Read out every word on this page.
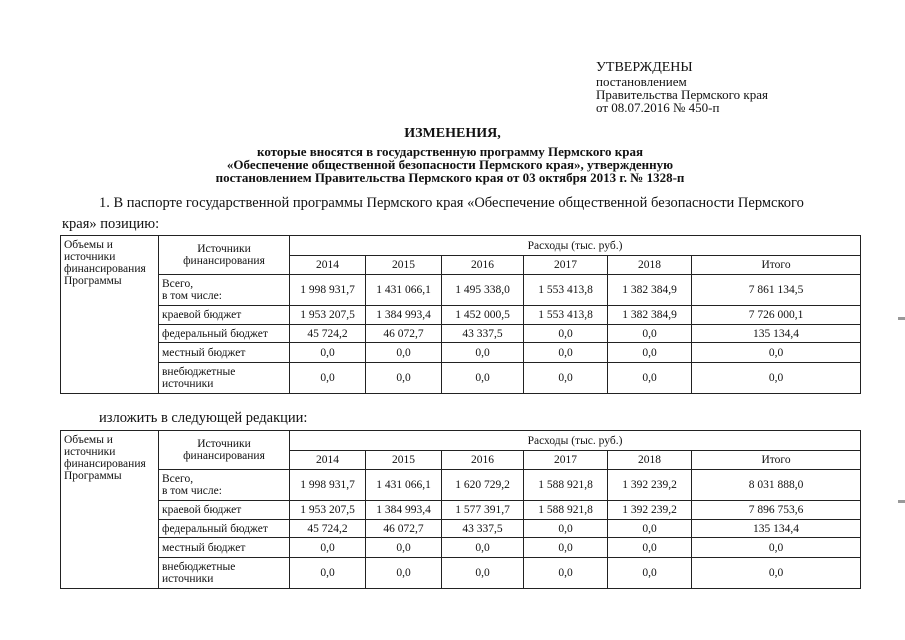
УТВЕРЖДЕНЫ
постановлением
Правительства Пермского края
от 08.07.2016 № 450-п
ИЗМЕНЕНИЯ,
которые вносятся в государственную программу Пермского края
«Обеспечение общественной безопасности Пермского края», утвержденную
постановлением Правительства Пермского края от 03 октября 2013 г. № 1328-п
1. В паспорте государственной программы Пермского края «Обеспечение общественной безопасности Пермского края» позицию:
Объемы и источники финансирования Программы	Источники финансирования	Расходы (тыс. руб.)					
		2014	2015	2016	2017	2018	Итого

	Всего,
в том числе:	1 998 931,7	1 431 066,1	1 495 338,0	1 553 413,8	1 382 384,9	7 861 134,5
	краевой бюджет	1 953 207,5	1 384 993,4	1 452 000,5	1 553 413,8	1 382 384,9	7 726 000,1
	федеральный бюджет	45 724,2	46 072,7	43 337,5	0,0	0,0	135 134,4
	местный бюджет	0,0	0,0	0,0	0,0	0,0	0,0

	внебюджетные
источники	0,0	0,0	0,0	0,0	0,0	0,0
изложить в следующей редакции:
Объемы и источники финансирования Программы	Источники финансирования	Расходы (тыс. руб.)					
		2014	2015	2016	2017	2018	Итого

	Всего,
в том числе:	1 998 931,7	1 431 066,1	1 620 729,2	1 588 921,8	1 392 239,2	8 031 888,0
	краевой бюджет	1 953 207,5	1 384 993,4	1 577 391,7	1 588 921,8	1 392 239,2	7 896 753,6
	федеральный бюджет	45 724,2	46 072,7	43 337,5	0,0	0,0	135 134,4
	местный бюджет	0,0	0,0	0,0	0,0	0,0	0,0

	внебюджетные
источники	0,0	0,0	0,0	0,0	0,0	0,0
